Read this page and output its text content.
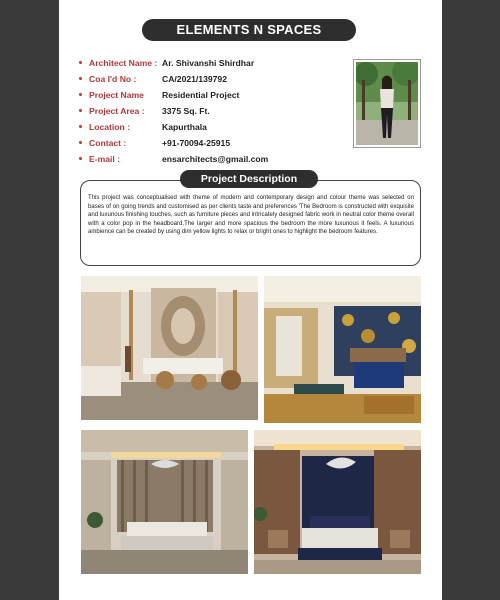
ELEMENTS N SPACES
Architect Name : Ar. Shivanshi Shirdhar
Coa I'd No :	CA/2021/139792
Project Name Residential Project
Project Area : 3375 Sq. Ft.
Location :	Kapurthala
Contact :	+91-70094-25915
E-mail :	ensarchitects@gmail.com
Project Description
This project was conceptualised with theme of modern and contemporary design and colour theme was selected on bases of on going trends and customised as per clients taste and preferences 'The Bedroom is constructed with exquisite and luxurious finishing touches, such as furniture pieces and intricately designed fabric work in neutral color theme overall with a color pop in the headboard.The larger and more spacious the bedroom the more luxurious it feels. A luxurious ambience can be created by using dim yellow lights to relax or bright ones to highlight the bedroom features.
